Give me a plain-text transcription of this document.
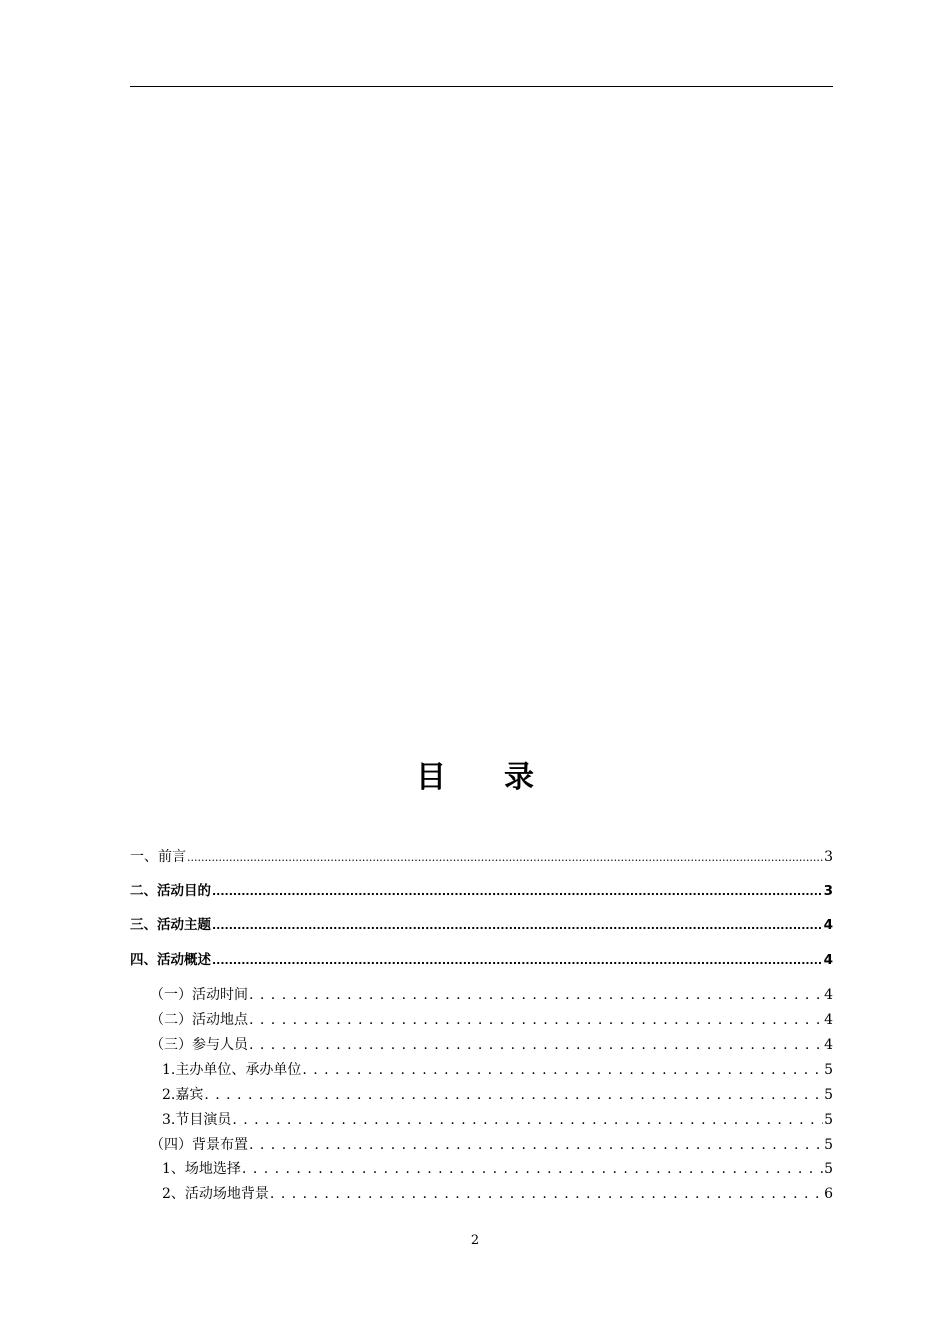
目 录
一、前言 .....	3
二、活动目的 .....	3
三、活动主题 .....	4
四、活动概述 .....	4
（一）活动时间 . . .	4
（二）活动地点 . . .	4
（三）参与人员 . . .	4
1.主办单位、承办单位 . . .	5
2.嘉宾 . . .	5
3.节目演员 . . .	5
（四）背景布置 . . .	5
1、场地选择 . . .	5
2、活动场地背景 . . .	6
2
